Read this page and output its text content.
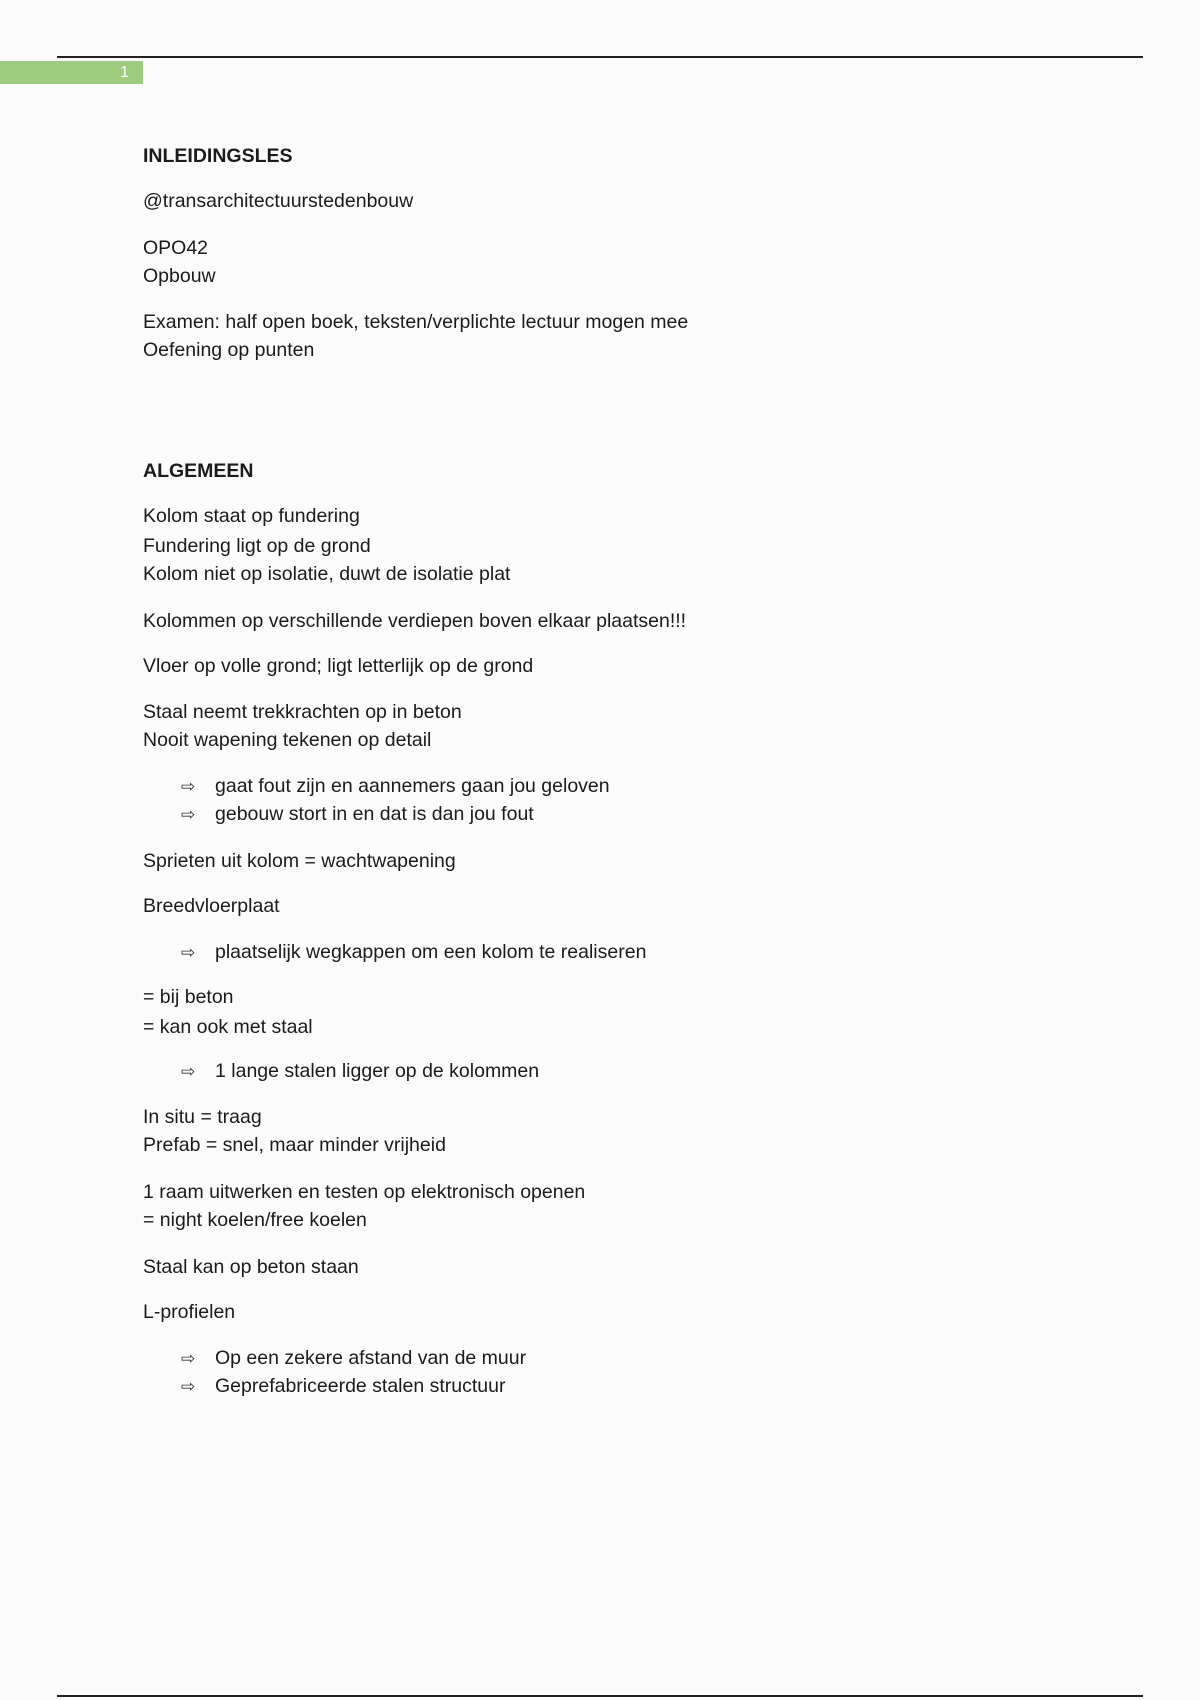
1
INLEIDINGSLES
@transarchitectuurstedenbouw
OPO42
Opbouw
Examen: half open boek, teksten/verplichte lectuur mogen mee
Oefening op punten
ALGEMEEN
Kolom staat op fundering
Fundering ligt op de grond
Kolom niet op isolatie, duwt de isolatie plat
Kolommen op verschillende verdiepen boven elkaar plaatsen!!!
Vloer op volle grond; ligt letterlijk op de grond
Staal neemt trekkrachten op in beton
Nooit wapening tekenen op detail
⇨ gaat fout zijn en aannemers gaan jou geloven
⇨ gebouw stort in en dat is dan jou fout
Sprieten uit kolom = wachtwapening
Breedvloerplaat
⇨ plaatselijk wegkappen om een kolom te realiseren
= bij beton
= kan ook met staal
⇨ 1 lange stalen ligger op de kolommen
In situ = traag
Prefab = snel, maar minder vrijheid
1 raam uitwerken en testen op elektronisch openen
= night koelen/free koelen
Staal kan op beton staan
L-profielen
⇨ Op een zekere afstand van de muur
⇨ Geprefabriceerde stalen structuur
